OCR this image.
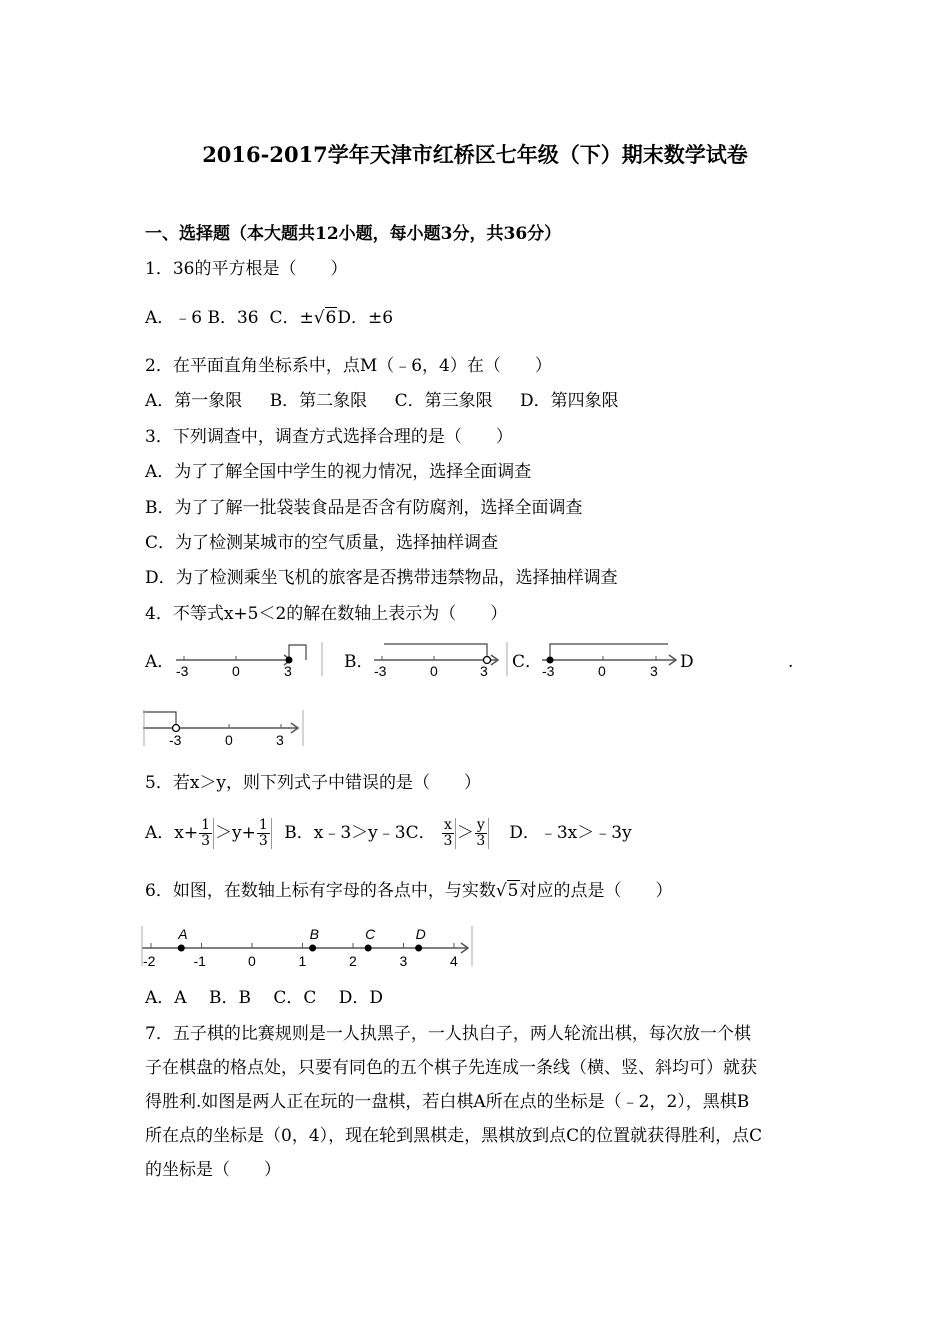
2016-2017学年天津市红桥区七年级（下）期末数学试卷
一、选择题（本大题共12小题，每小题3分，共36分）
1．36的平方根是（　　）
A．﹣6 B．36 C．±√6D．±6
2．在平面直角坐标系中，点M（﹣6，4）在（　　）
A．第一象限 B．第二象限 C．第三象限 D．第四象限
3．下列调查中，调查方式选择合理的是（　　）
A．为了了解全国中学生的视力情况，选择全面调查
B．为了了解一批袋装食品是否含有防腐剂，选择全面调查
C．为了检测某城市的空气质量，选择抽样调查
D．为了检测乘坐飞机的旅客是否携带违禁物品，选择抽样调查
4．不等式x+5＜2的解在数轴上表示为（　　）
A． -3	0	3	B． -3	0	3 C． -3	0	3 D	.
-3	0	3
5．若x＞y，则下列式子中错误的是（　　）
A．$x+ \frac{1}{3} >y+ \frac{1}{3}$ B．x﹣3＞y﹣3C． $\frac{x}{3} > \frac{y}{3}$ D．﹣3x＞﹣3y
6．如图，在数轴上标有字母的各点中，与实数√5对应的点是（　　）
-2	-1	0	1	2	3	4
A	B	C	D
A．A　 B．B　 C．C　 D．D
7．五子棋的比赛规则是一人执黑子，一人执白子，两人轮流出棋，每次放一个棋
子在棋盘的格点处，只要有同色的五个棋子先连成一条线（横、竖、斜均可）就获
得胜利.如图是两人正在玩的一盘棋，若白棋A所在点的坐标是（﹣2，2），黑棋B
所在点的坐标是（0，4），现在轮到黑棋走，黑棋放到点C的位置就获得胜利，点C
的坐标是（　　）
